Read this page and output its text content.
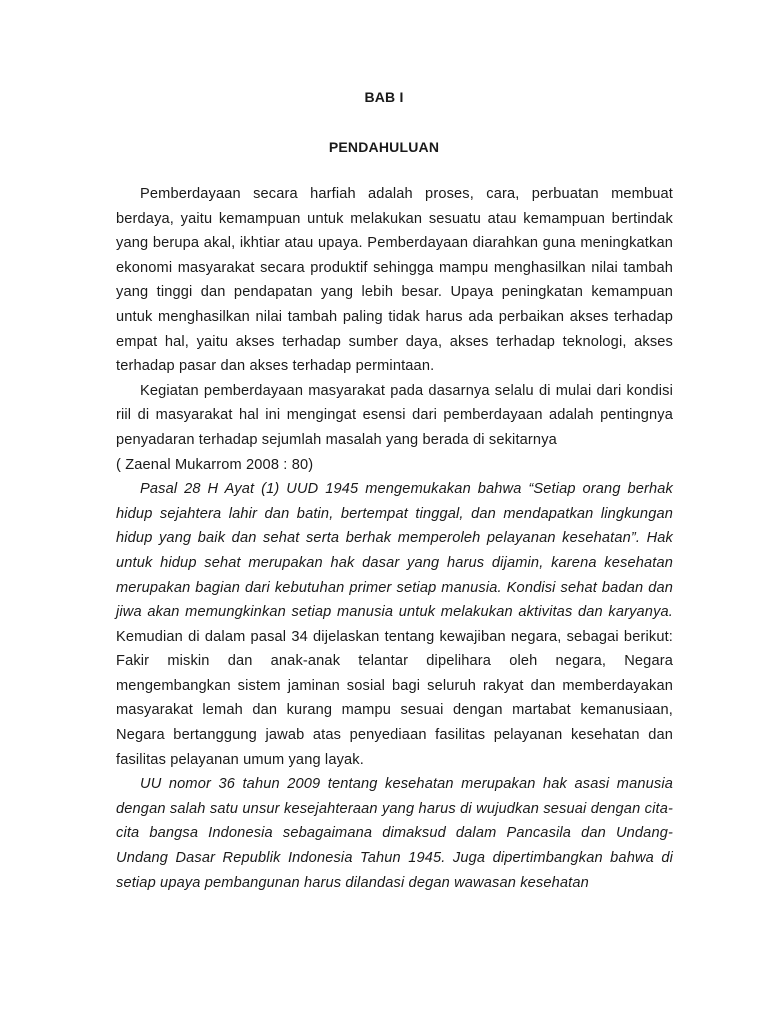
BAB I
PENDAHULUAN

Pemberdayaan secara harfiah adalah proses, cara, perbuatan membuat berdaya, yaitu kemampuan untuk melakukan sesuatu atau kemampuan bertindak yang berupa akal, ikhtiar atau upaya. Pemberdayaan diarahkan guna meningkatkan ekonomi masyarakat secara produktif sehingga mampu menghasilkan nilai tambah yang tinggi dan pendapatan yang lebih besar. Upaya peningkatan kemampuan untuk menghasilkan nilai tambah paling tidak harus ada perbaikan akses terhadap empat hal, yaitu akses terhadap sumber daya, akses terhadap teknologi, akses terhadap pasar dan akses terhadap permintaan.

Kegiatan pemberdayaan masyarakat pada dasarnya selalu di mulai dari kondisi riil di masyarakat hal ini mengingat esensi dari pemberdayaan adalah pentingnya penyadaran terhadap sejumlah masalah yang berada di sekitarnya
( Zaenal Mukarrom 2008 : 80)

Pasal 28 H Ayat (1) UUD 1945 mengemukakan bahwa “Setiap orang berhak hidup sejahtera lahir dan batin, bertempat tinggal, dan mendapatkan lingkungan hidup yang baik dan sehat serta berhak memperoleh pelayanan kesehatan”. Hak untuk hidup sehat merupakan hak dasar yang harus dijamin, karena kesehatan merupakan bagian dari kebutuhan primer setiap manusia. Kondisi sehat badan dan jiwa akan memungkinkan setiap manusia untuk melakukan aktivitas dan karyanya. Kemudian di dalam pasal 34 dijelaskan tentang kewajiban negara, sebagai berikut: Fakir miskin dan anak-anak telantar dipelihara oleh negara, Negara mengembangkan sistem jaminan sosial bagi seluruh rakyat dan memberdayakan masyarakat lemah dan kurang mampu sesuai dengan martabat kemanusiaan, Negara bertanggung jawab atas penyediaan fasilitas pelayanan kesehatan dan fasilitas pelayanan umum yang layak.

UU nomor 36 tahun 2009 tentang kesehatan merupakan hak asasi manusia dengan salah satu unsur kesejahteraan yang harus di wujudkan sesuai dengan cita-cita bangsa Indonesia sebagaimana dimaksud dalam Pancasila dan Undang-Undang Dasar Republik Indonesia Tahun 1945. Juga dipertimbangkan bahwa di setiap upaya pembangunan harus dilandasi degan wawasan kesehatan
